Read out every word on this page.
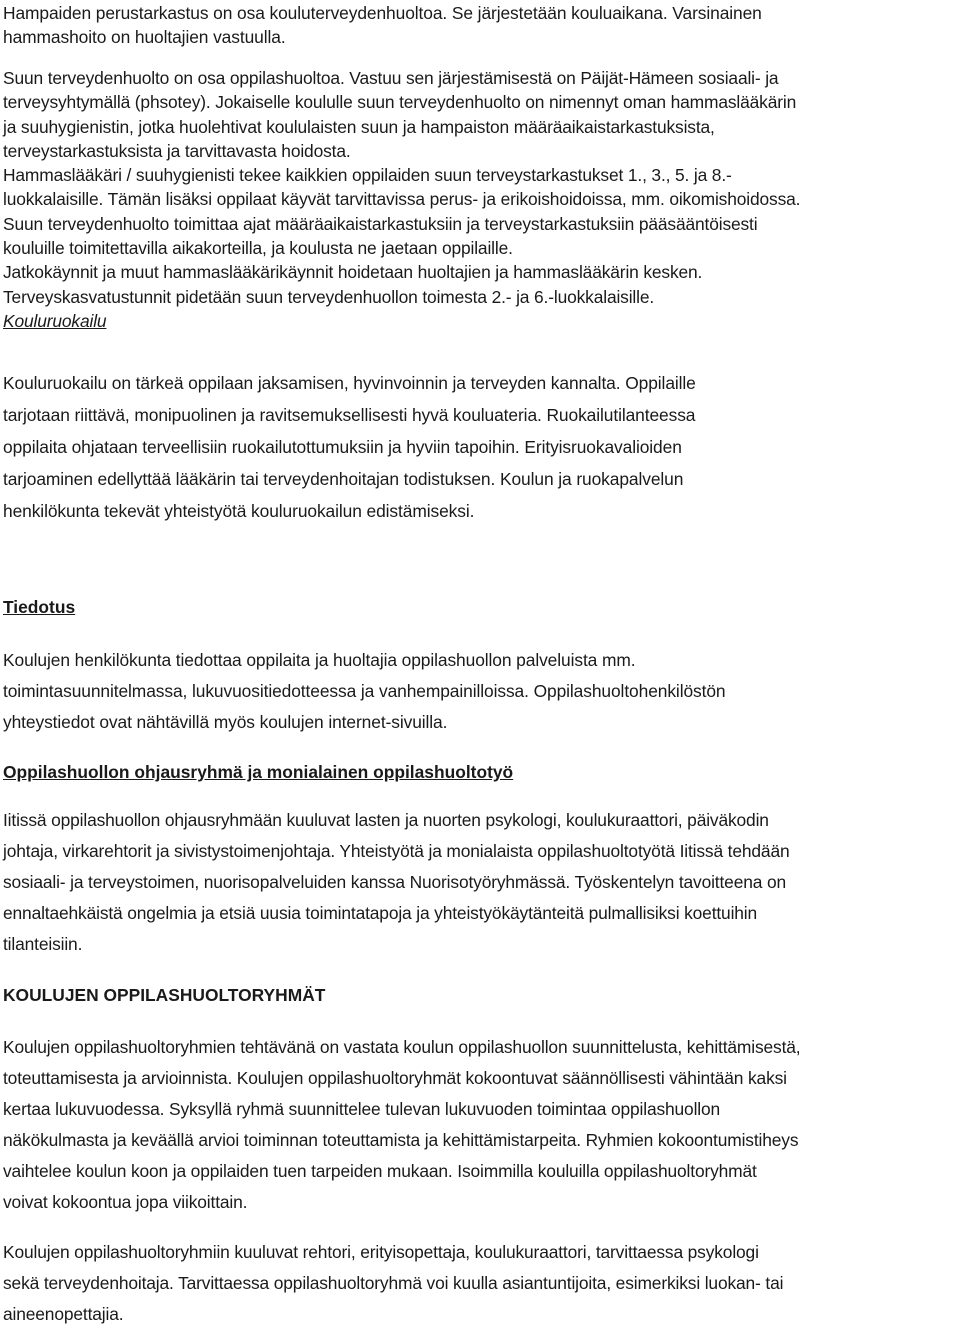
Hampaiden perustarkastus on osa kouluterveydenhuoltoa. Se järjestetään kouluaikana. Varsinainen
hammashoito on huoltajien vastuulla.
Suun terveydenhuolto on osa oppilashuoltoa. Vastuu sen järjestämisestä on Päijät-Hämeen sosiaali- ja
terveysyhtymällä (phsotey). Jokaiselle koululle suun terveydenhuolto on nimennyt oman hammaslääkärin
ja suuhygienistin, jotka huolehtivat koululaisten suun ja hampaiston määräaikaistarkastuksista,
terveystarkastuksista ja tarvittavasta hoidosta.
Hammaslääkäri / suuhygienisti tekee kaikkien oppilaiden suun terveystarkastukset 1., 3., 5. ja 8.-
luokkalaisille. Tämän lisäksi oppilaat käyvät tarvittavissa perus- ja erikoishoidoissa, mm. oikomishoidossa.
Suun terveydenhuolto toimittaa ajat määräaikaistarkastuksiin ja terveystarkastuksiin pääsääntöisesti
kouluille toimitettavilla aikakorteilla, ja koulusta ne jaetaan oppilaille.
Jatkokäynnit ja muut hammaslääkärikäynnit hoidetaan huoltajien ja hammaslääkärin kesken.
Terveyskasvatustunnit pidetään suun terveydenhuollon toimesta 2.- ja 6.-luokkalaisille.
Kouluruokailu
Kouluruokailu on tärkeä oppilaan jaksamisen, hyvinvoinnin ja terveyden kannalta. Oppilaille
tarjotaan riittävä, monipuolinen ja ravitsemuksellisesti hyvä kouluateria. Ruokailutilanteessa
oppilaita ohjataan terveellisiin ruokailutottumuksiin ja hyviin tapoihin. Erityisruokavalioiden
tarjoaminen edellyttää lääkärin tai terveydenhoitajan todistuksen. Koulun ja ruokapalvelun
henkilökunta tekevät yhteistyötä kouluruokailun edistämiseksi.
Tiedotus
Koulujen henkilökunta tiedottaa oppilaita ja huoltajia oppilashuollon palveluista mm.
toimintasuunnitelmassa, lukuvuositiedotteessa ja vanhempainilloissa. Oppilashuoltohenkilöstön
yhteystiedot ovat nähtävillä myös koulujen internet-sivuilla.
Oppilashuollon ohjausryhmä ja monialainen oppilashuoltotyö
Iitissä oppilashuollon ohjausryhmään kuuluvat lasten ja nuorten psykologi, koulukuraattori, päiväkodin
johtaja, virkarehtorit ja sivistystoimenjohtaja. Yhteistyötä ja monialaista oppilashuoltotyötä Iitissä tehdään
sosiaali- ja terveystoimen, nuorisopalveluiden kanssa Nuorisotyöryhmässä. Työskentelyn tavoitteena on
ennaltaehkäistä ongelmia ja etsiä uusia toimintatapoja ja yhteistyökäytänteitä pulmallisiksi koettuihin
tilanteisiin.
KOULUJEN OPPILASHUOLTORYHMÄT
Koulujen oppilashuoltoryhmien tehtävänä on vastata koulun oppilashuollon suunnittelusta, kehittämisestä,
toteuttamisesta ja arvioinnista. Koulujen oppilashuoltoryhmät kokoontuvat säännöllisesti vähintään kaksi
kertaa lukuvuodessa. Syksyllä ryhmä suunnittelee tulevan lukuvuoden toimintaa oppilashuollon
näkökulmasta ja keväällä arvioi toiminnan toteuttamista ja kehittämistarpeita. Ryhmien kokoontumistiheys
vaihtelee koulun koon ja oppilaiden tuen tarpeiden mukaan. Isoimmilla kouluilla oppilashuoltoryhmät
voivat kokoontua jopa viikoittain.
Koulujen oppilashuoltoryhmiin kuuluvat rehtori, erityisopettaja, koulukuraattori, tarvittaessa psykologi
sekä terveydenhoitaja. Tarvittaessa oppilashuoltoryhmä voi kuulla asiantuntijoita, esimerkiksi luokan- tai
aineenopettajia.
